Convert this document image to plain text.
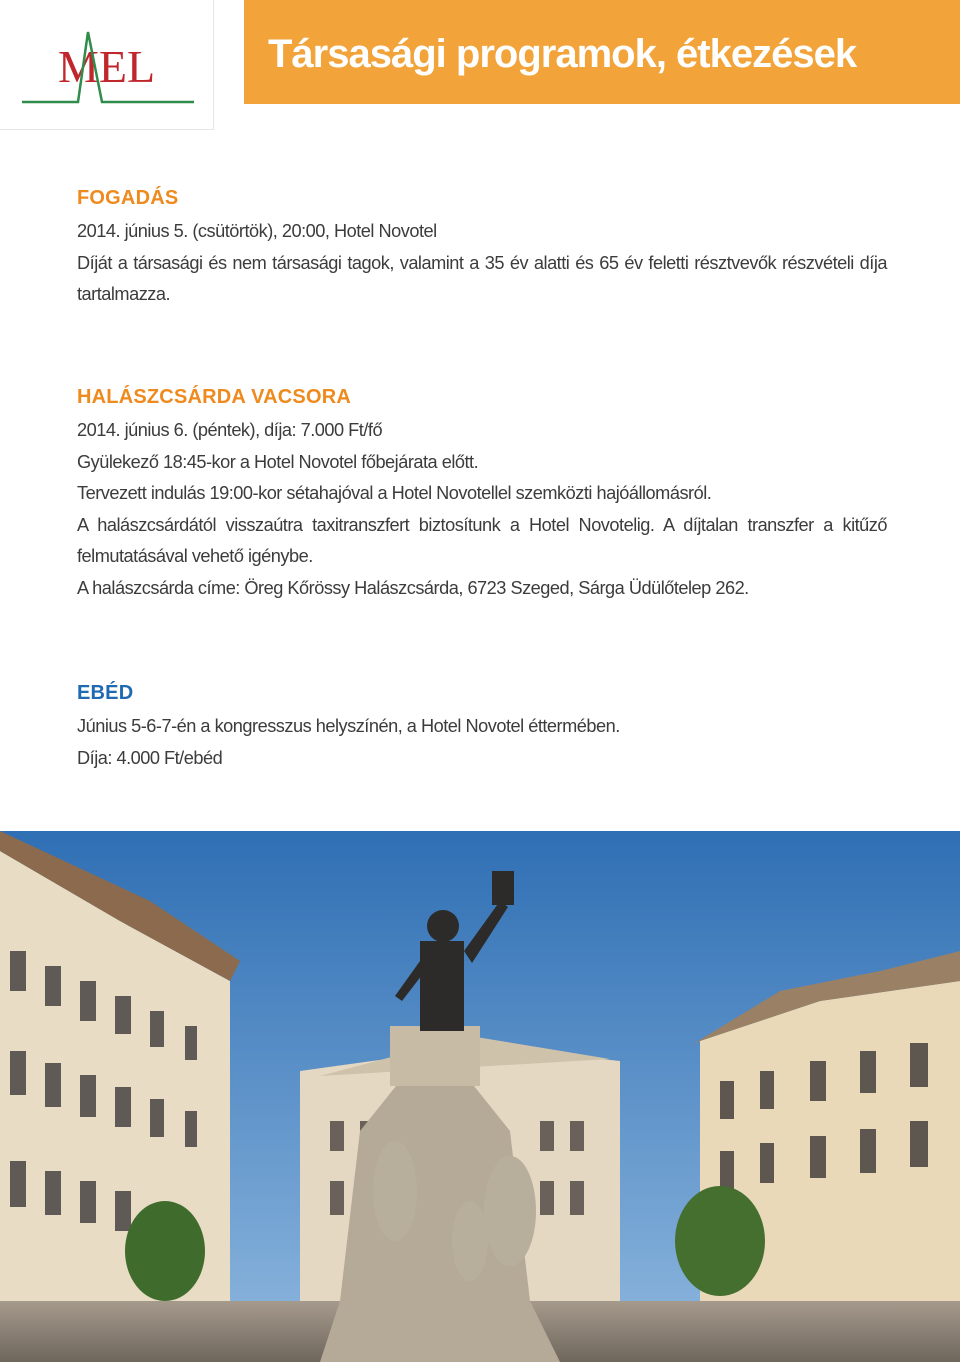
MEL	Társasági programok, étkezések
FOGADÁS
2014. június 5. (csütörtök), 20:00, Hotel Novotel
Díját a társasági és nem társasági tagok, valamint a 35 év alatti és 65 év feletti résztvevők részvételi díja tartalmazza.
HALÁSZCSÁRDA VACSORA
2014. június 6. (péntek), díja: 7.000 Ft/fő
Gyülekező 18:45-kor a Hotel Novotel főbejárata előtt.
Tervezett indulás 19:00-kor sétahajóval a Hotel Novotellel szemközti hajóállomásról.
A halászcsárdától visszaútra taxitranszfert biztosítunk a Hotel Novotelig. A díjtalan transzfer a kitűző felmutatásával vehető igénybe.
A halászcsárda címe: Öreg Kőrössy Halászcsárda, 6723 Szeged, Sárga Üdülőtelep 262.
EBÉD
Június 5-6-7-én a kongresszus helyszínén, a Hotel Novotel éttermében.
Díja: 4.000 Ft/ebéd
